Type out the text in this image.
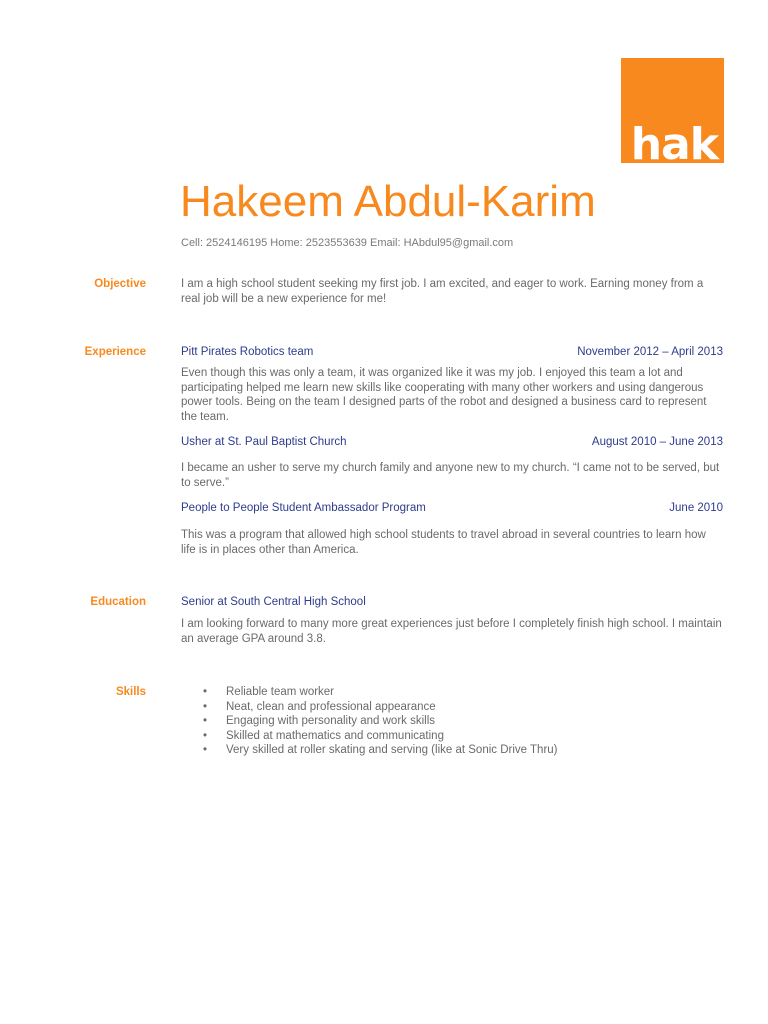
hak
Hakeem Abdul-Karim
Cell: 2524146195 Home: 2523553639 Email: HAbdul95@gmail.com
Objective	I am a high school student seeking my first job. I am excited, and eager to work. Earning money from a real job will be a new experience for me!
Experience	Pitt Pirates Robotics team	November 2012 – April 2013
Even though this was only a team, it was organized like it was my job. I enjoyed this team a lot and participating helped me learn new skills like cooperating with many other workers and using dangerous power tools. Being on the team I designed parts of the robot and designed a business card to represent the team.
Usher at St. Paul Baptist Church	August 2010 – June 2013
I became an usher to serve my church family and anyone new to my church. “I came not to be served, but to serve.”
People to People Student Ambassador Program	June 2010
This was a program that allowed high school students to travel abroad in several countries to learn how life is in places other than America.
Education	Senior at South Central High School
I am looking forward to many more great experiences just before I completely finish high school. I maintain an average GPA around 3.8.
Skills
•	Reliable team worker
• Neat, clean and professional appearance
• Engaging with personality and work skills
• Skilled at mathematics and communicating
• Very skilled at roller skating and serving (like at Sonic Drive Thru)
